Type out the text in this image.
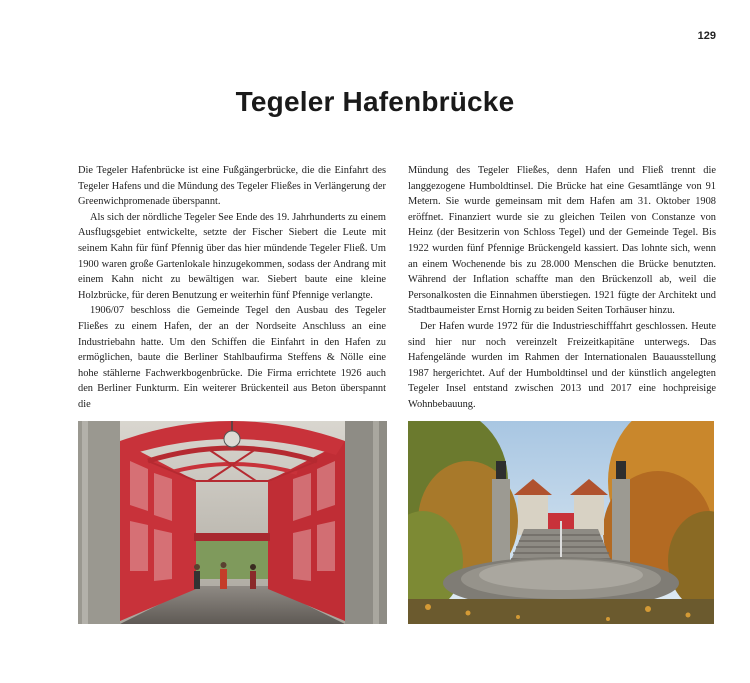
129
Tegeler Hafenbrücke

Die Tegeler Hafenbrücke ist eine Fußgängerbrücke, die die Einfahrt des Tegeler Hafens und die Mündung des Tegeler Fließes in Verlängerung der Greenwichpromenade überspannt.

Als sich der nördliche Tegeler See Ende des 19. Jahrhunderts zu einem Ausflugsgebiet entwickelte, setzte der Fischer Siebert die Leute mit seinem Kahn für fünf Pfennig über das hier mündende Tegeler Fließ. Um 1900 waren große Gartenlokale hinzugekommen, sodass der Andrang mit einem Kahn nicht zu bewältigen war. Siebert baute eine kleine Holzbrücke, für deren Benutzung er weiterhin fünf Pfennige verlangte.

1906/07 beschloss die Gemeinde Tegel den Ausbau des Tegeler Fließes zu einem Hafen, der an der Nordseite Anschluss an eine Industriebahn hatte. Um den Schiffen die Einfahrt in den Hafen zu ermöglichen, baute die Berliner Stahlbaufirma Steffens & Nölle eine hohe stählerne Fachwerkbogenbrücke. Die Firma errichtete 1926 auch den Berliner Funkturm. Ein weiterer Brückenteil aus Beton überspannt die

Mündung des Tegeler Fließes, denn Hafen und Fließ trennt die langgezogene Humboldtinsel. Die Brücke hat eine Gesamtlänge von 91 Metern. Sie wurde gemeinsam mit dem Hafen am 31. Oktober 1908 eröffnet. Finanziert wurde sie zu gleichen Teilen von Constanze von Heinz (der Besitzerin von Schloss Tegel) und der Gemeinde Tegel. Bis 1922 wurden fünf Pfennige Brückengeld kassiert. Das lohnte sich, wenn an einem Wochenende bis zu 28.000 Menschen die Brücke benutzten. Während der Inflation schaffte man den Brückenzoll ab, weil die Personalkosten die Einnahmen überstiegen. 1921 fügte der Architekt und Stadtbaumeister Ernst Hornig zu beiden Seiten Torhäuser hinzu.

Der Hafen wurde 1972 für die Industrieschifffahrt geschlossen. Heute sind hier nur noch vereinzelt Freizeitkapitäne unterwegs. Das Hafengelände wurden im Rahmen der Internationalen Bauausstellung 1987 hergerichtet. Auf der Humboldtinsel und der künstlich angelegten Tegeler Insel entstand zwischen 2013 und 2017 eine hochpreisige Wohnbebauung.
